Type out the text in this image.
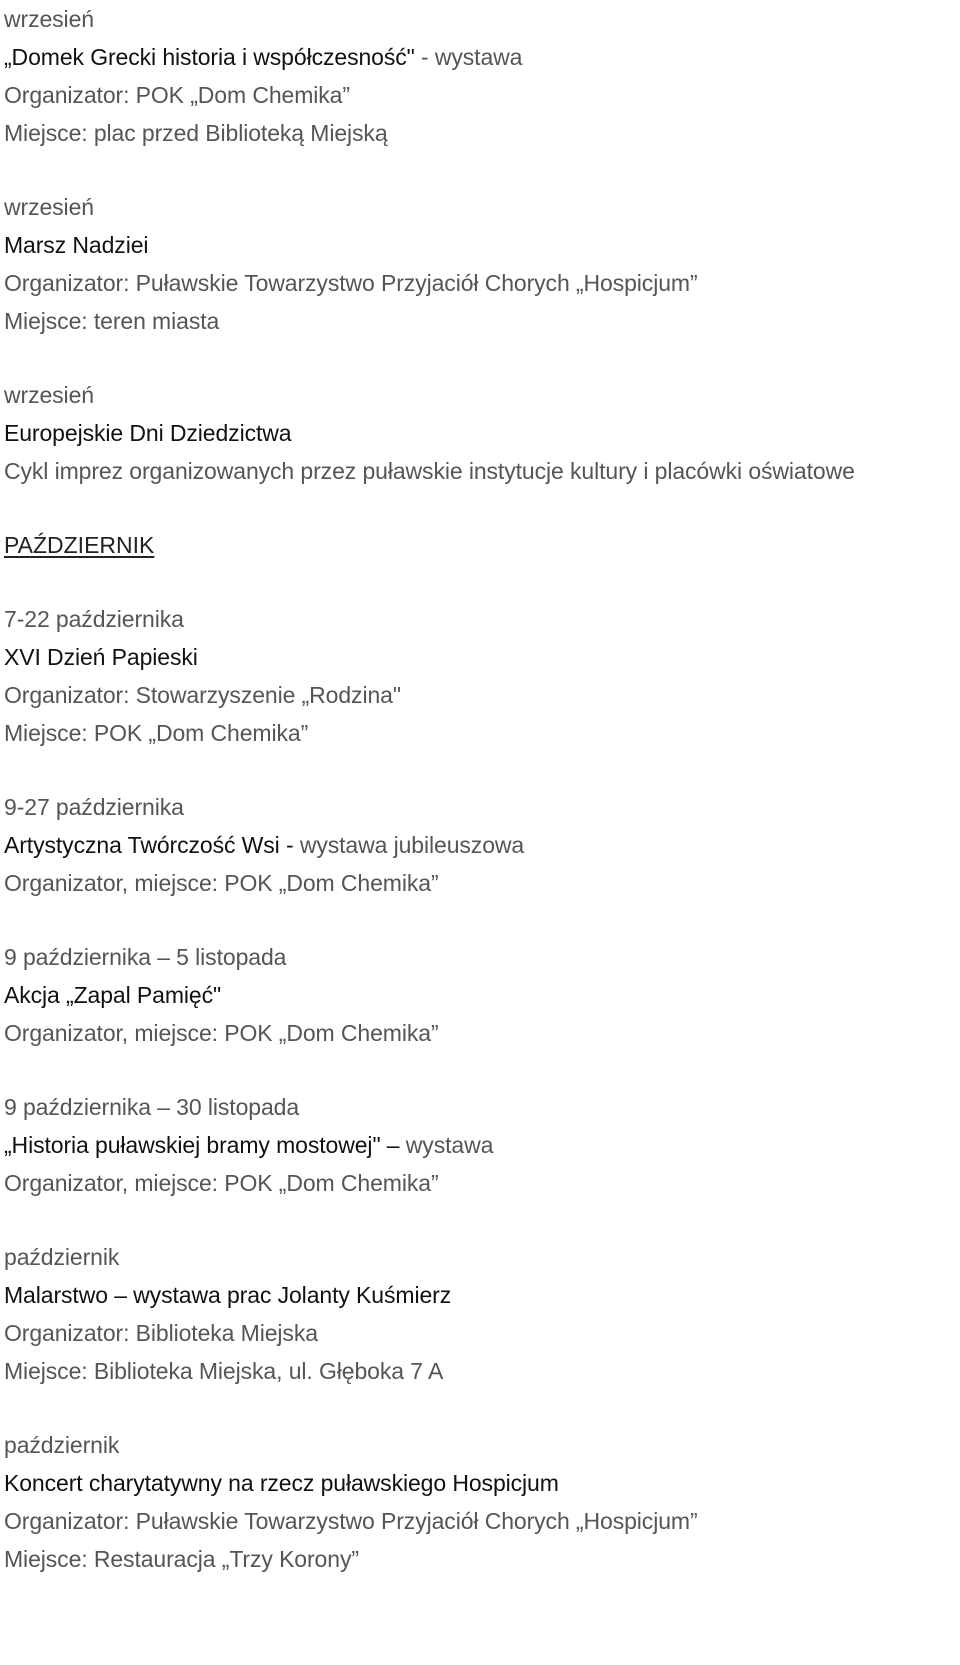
wrzesień
„Domek Grecki historia i współczesność" - wystawa
Organizator: POK „Dom Chemika”
Miejsce: plac przed Biblioteką Miejską
wrzesień
Marsz Nadziei
Organizator: Puławskie Towarzystwo Przyjaciół Chorych „Hospicjum”
Miejsce: teren miasta
wrzesień
Europejskie Dni Dziedzictwa
Cykl imprez organizowanych przez puławskie instytucje kultury i placówki oświatowe
PAŹDZIERNIK
7-22 października
XVI Dzień Papieski
Organizator: Stowarzyszenie „Rodzina"
Miejsce: POK „Dom Chemika”
9-27 października
Artystyczna Twórczość Wsi - wystawa jubileuszowa
Organizator, miejsce: POK „Dom Chemika”
9 października – 5 listopada
Akcja „Zapal Pamięć"
Organizator, miejsce: POK „Dom Chemika”
9 października – 30 listopada
„Historia puławskiej bramy mostowej" – wystawa
Organizator, miejsce: POK „Dom Chemika”
październik
Malarstwo – wystawa prac Jolanty Kuśmierz
Organizator: Biblioteka Miejska
Miejsce: Biblioteka Miejska, ul. Głęboka 7 A
październik
Koncert charytatywny na rzecz puławskiego Hospicjum
Organizator: Puławskie Towarzystwo Przyjaciół Chorych „Hospicjum”
Miejsce: Restauracja „Trzy Korony”
